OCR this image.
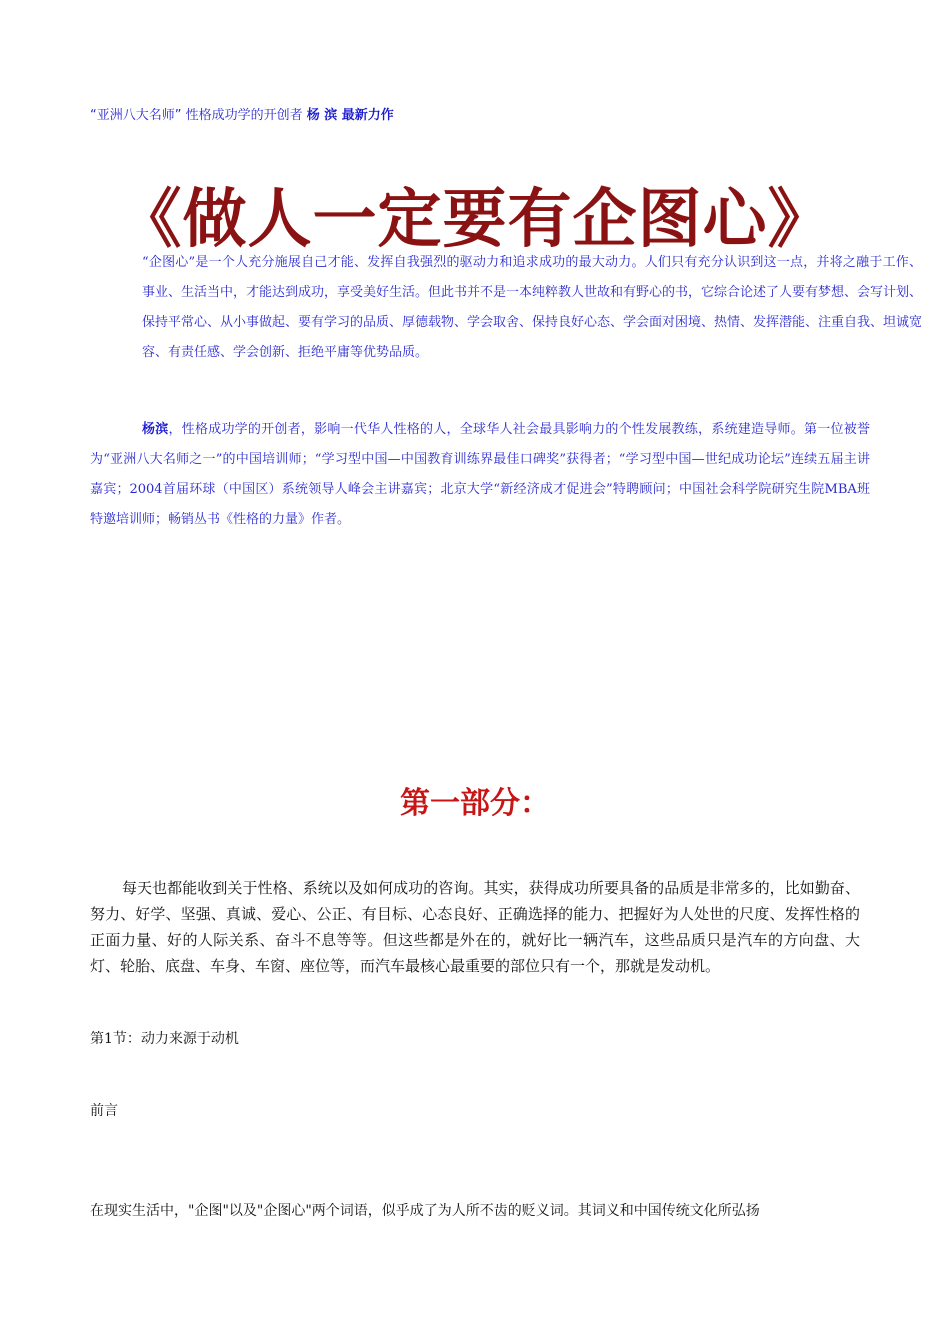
“亚洲八大名师” 性格成功学的开创者 杨 滨 最新力作
《做人一定要有企图心》
“企图心”是一个人充分施展自己才能、发挥自我强烈的驱动力和追求成功的最大动力。人们只有充分认识到这一点，并将之融于工作、事业、生活当中，才能达到成功，享受美好生活。但此书并不是一本纯粹教人世故和有野心的书，它综合论述了人要有梦想、会写计划、保持平常心、从小事做起、要有学习的品质、厚德载物、学会取舍、保持良好心态、学会面对困境、热情、发挥潜能、注重自我、坦诚宽容、有责任感、学会创新、拒绝平庸等优势品质。
杨滨，性格成功学的开创者，影响一代华人性格的人，全球华人社会最具影响力的个性发展教练，系统建造导师。第一位被誉为“亚洲八大名师之一”的中国培训师；“学习型中国—中国教育训练界最佳口碑奖”获得者；“学习型中国—世纪成功论坛”连续五届主讲嘉宾；2004首届环球（中国区）系统领导人峰会主讲嘉宾；北京大学“新经济成才促进会”特聘顾问；中国社会科学院研究生院MBA班特邀培训师；畅销丛书《性格的力量》作者。
第一部分：
每天也都能收到关于性格、系统以及如何成功的咨询。其实，获得成功所要具备的品质是非常多的，比如勤奋、努力、好学、坚强、真诚、爱心、公正、有目标、心态良好、正确选择的能力、把握好为人处世的尺度、发挥性格的正面力量、好的人际关系、奋斗不息等等。但这些都是外在的，就好比一辆汽车，这些品质只是汽车的方向盘、大灯、轮胎、底盘、车身、车窗、座位等，而汽车最核心最重要的部位只有一个，那就是发动机。
第1节：动力来源于动机
前言
在现实生活中，"企图"以及"企图心"两个词语，似乎成了为人所不齿的贬义词。其词义和中国传统文化所弘扬
